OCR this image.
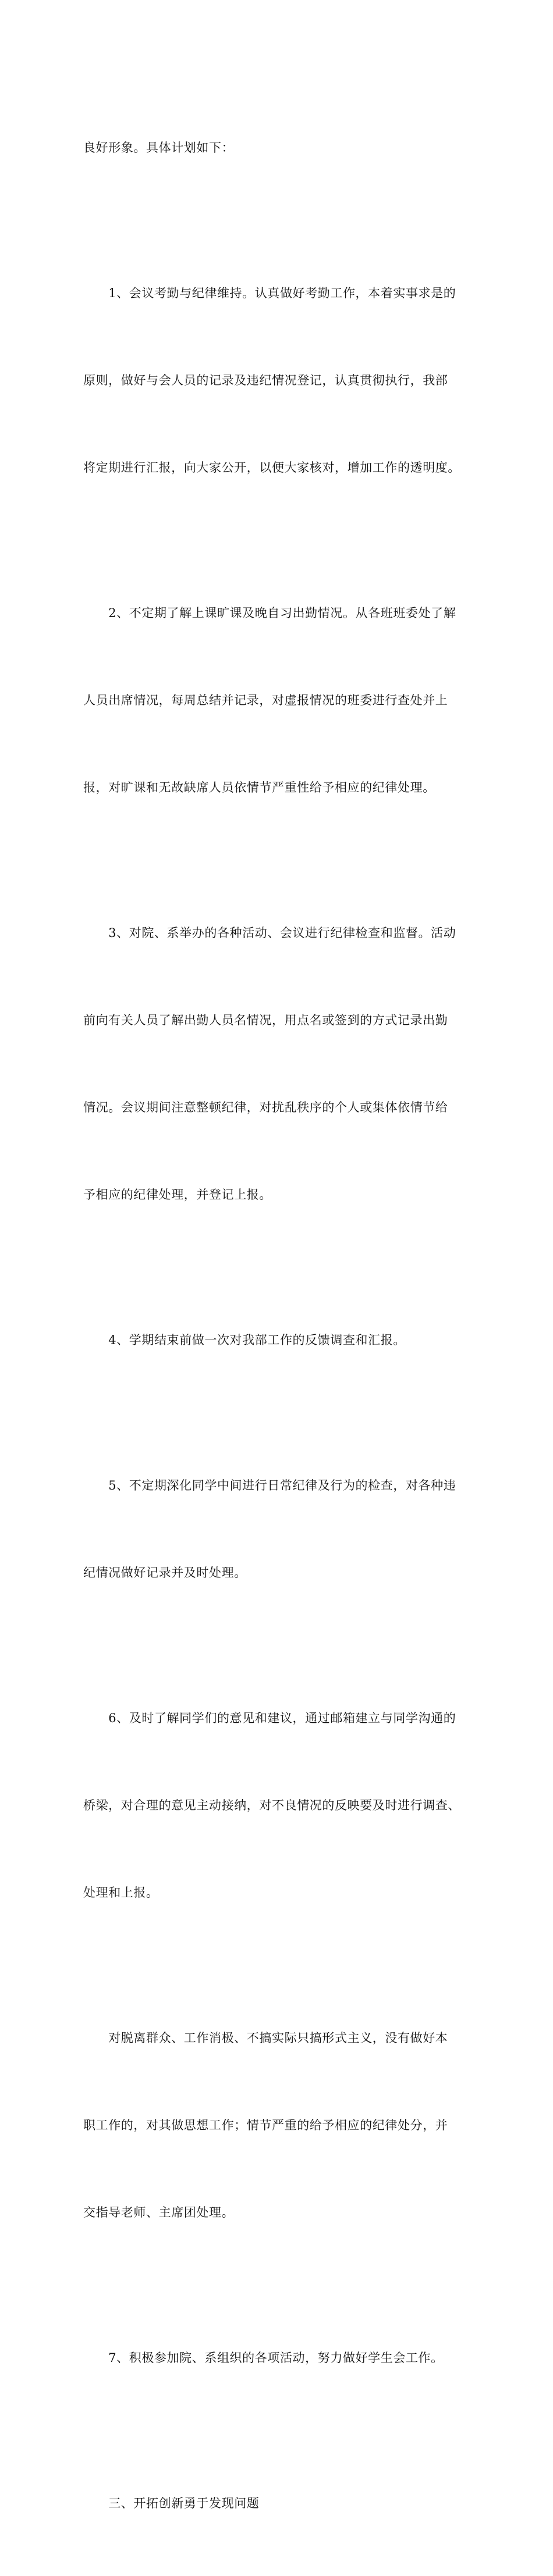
良好形象。具体计划如下：

　　1、会议考勤与纪律维持。认真做好考勤工作，本着实事求是的

原则，做好与会人员的记录及违纪情况登记，认真贯彻执行，我部

将定期进行汇报，向大家公开，以便大家核对，增加工作的透明度。

　　2、不定期了解上课旷课及晚自习出勤情况。从各班班委处了解

人员出席情况，每周总结并记录，对虚报情况的班委进行查处并上

报，对旷课和无故缺席人员依情节严重性给予相应的纪律处理。

　　3、对院、系举办的各种活动、会议进行纪律检查和监督。活动

前向有关人员了解出勤人员名情况，用点名或签到的方式记录出勤

情况。会议期间注意整顿纪律，对扰乱秩序的个人或集体依情节给

予相应的纪律处理，并登记上报。

　　4、学期结束前做一次对我部工作的反馈调查和汇报。

　　5、不定期深化同学中间进行日常纪律及行为的检查，对各种违

纪情况做好记录并及时处理。

　　6、及时了解同学们的意见和建议，通过邮箱建立与同学沟通的

桥梁，对合理的意见主动接纳，对不良情况的反映要及时进行调查、

处理和上报。

　　对脱离群众、工作消极、不搞实际只搞形式主义，没有做好本

职工作的，对其做思想工作；情节严重的给予相应的纪律处分，并

交指导老师、主席团处理。

　　7、积极参加院、系组织的各项活动，努力做好学生会工作。

　　三、开拓创新勇于发现问题
